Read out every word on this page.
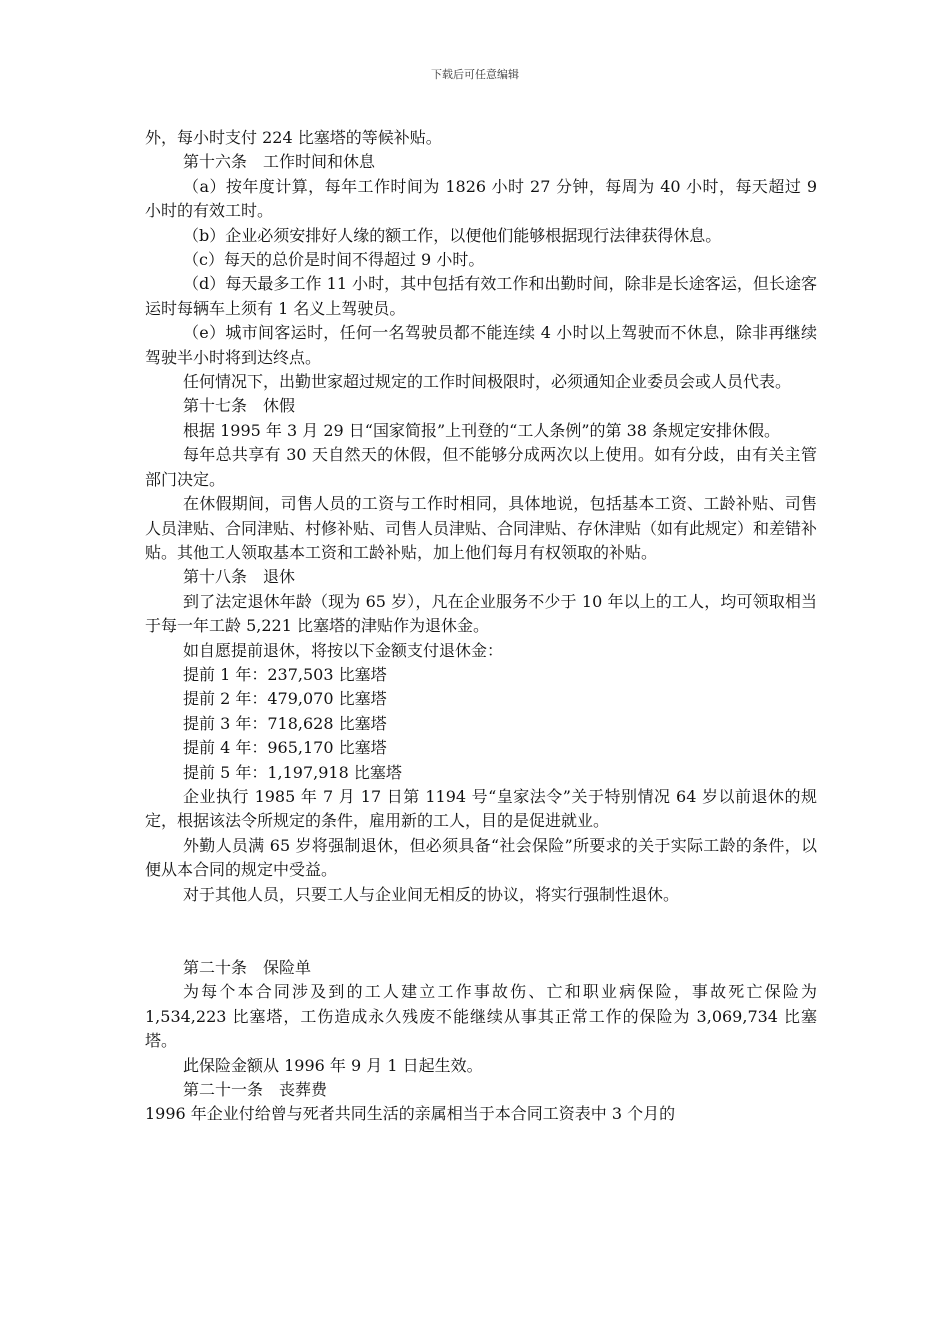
下载后可任意编辑

外，每小时支付 224 比塞塔的等候补贴。

第十六条　工作时间和休息

（a）按年度计算，每年工作时间为 1826 小时 27 分钟，每周为 40 小时，每天超过 9 小时的有效工时。

（b）企业必须安排好人缘的额工作，以便他们能够根据现行法律获得休息。

（c）每天的总价是时间不得超过 9 小时。

（d）每天最多工作 11 小时，其中包括有效工作和出勤时间，除非是长途客运，但长途客运时每辆车上须有 1 名义上驾驶员。

（e）城市间客运时，任何一名驾驶员都不能连续 4 小时以上驾驶而不休息，除非再继续驾驶半小时将到达终点。

任何情况下，出勤世家超过规定的工作时间极限时，必须通知企业委员会或人员代表。

第十七条　休假

根据 1995 年 3 月 29 日“国家简报”上刊登的“工人条例”的第 38 条规定安排休假。

每年总共享有 30 天自然天的休假，但不能够分成两次以上使用。如有分歧，由有关主管部门决定。

在休假期间，司售人员的工资与工作时相同，具体地说，包括基本工资、工龄补贴、司售人员津贴、合同津贴、村修补贴、司售人员津贴、合同津贴、存休津贴（如有此规定）和差错补贴。其他工人领取基本工资和工龄补贴，加上他们每月有权领取的补贴。

第十八条　退休

到了法定退休年龄（现为 65 岁），凡在企业服务不少于 10 年以上的工人，均可领取相当于每一年工龄 5,221 比塞塔的津贴作为退休金。

如自愿提前退休，将按以下金额支付退休金：

提前 1 年：237,503 比塞塔

提前 2 年：479,070 比塞塔

提前 3 年：718,628 比塞塔

提前 4 年：965,170 比塞塔

提前 5 年：1,197,918 比塞塔

企业执行 1985 年 7 月 17 日第 1194 号“皇家法令”关于特别情况 64 岁以前退休的规定，根据该法令所规定的条件，雇用新的工人，目的是促进就业。

外勤人员满 65 岁将强制退休，但必须具备“社会保险”所要求的关于实际工龄的条件，以便从本合同的规定中受益。

对于其他人员，只要工人与企业间无相反的协议，将实行强制性退休。

第二十条　保险单

为每个本合同涉及到的工人建立工作事故伤、亡和职业病保险，事故死亡保险为 1,534,223 比塞塔，工伤造成永久残废不能继续从事其正常工作的保险为 3,069,734 比塞塔。

此保险金额从 1996 年 9 月 1 日起生效。

第二十一条　丧葬费

1996 年企业付给曾与死者共同生活的亲属相当于本合同工资表中 3 个月的
